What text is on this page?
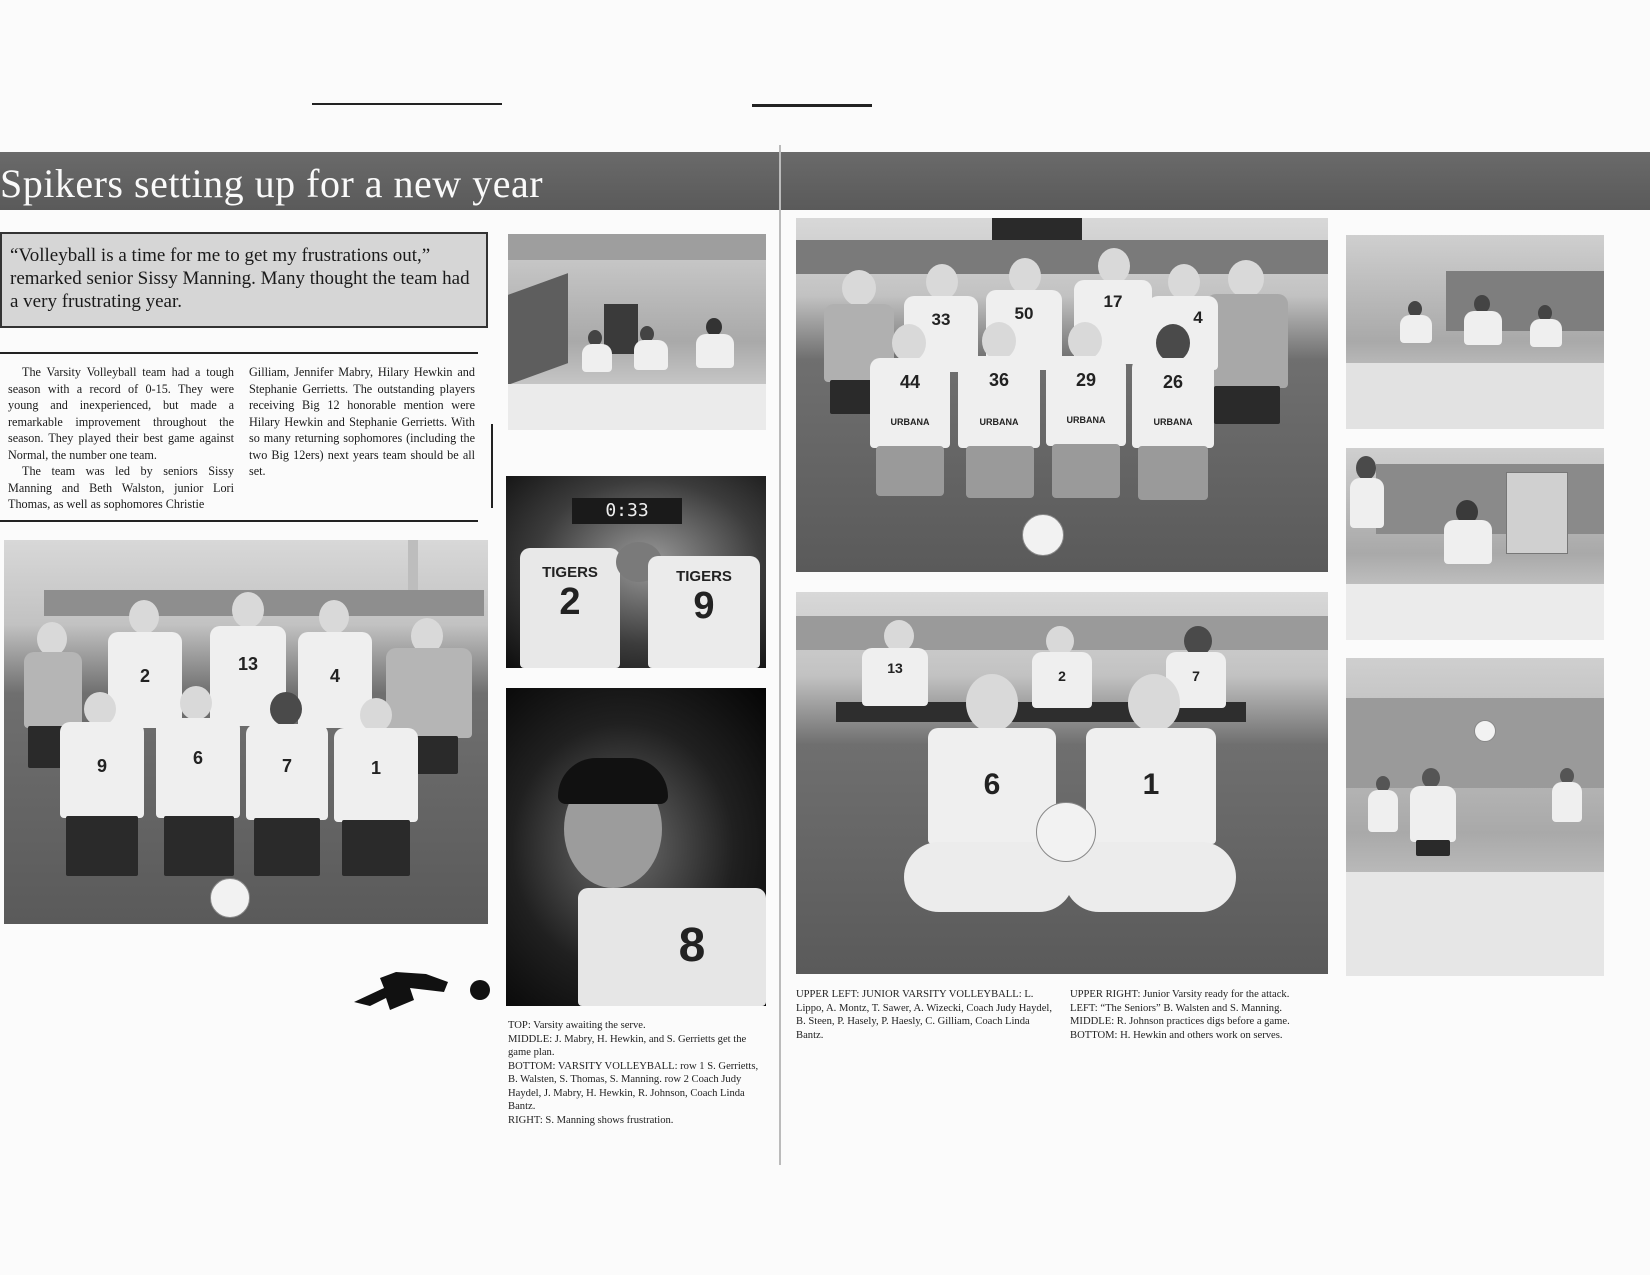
Spikers setting up for a new year
“Volleyball is a time for me to get my frustrations out,” remarked senior Sissy Manning. Many thought the team had a very frustrating year.

The Varsity Volleyball team had a tough season with a record of 0-15. They were young and inexperienced, but made a remarkable improvement throughout the season. They played their best game against Normal, the number one team.

The team was led by seniors Sissy Manning and Beth Walston, junior Lori Thomas, as well as sophomores Christie

Gilliam, Jennifer Mabry, Hilary Hewkin and Stephanie Gerrietts. The outstanding players receiving Big 12 honorable mention were Hilary Hewkin and Stephanie Gerrietts. With so many returning sophomores (including the two Big 12ers) next years team should be all set.

2
13
4
9	6	7	1
0:33
TIGERS
2
TIGERS
9
8
TOP: Varsity awaiting the serve.
MIDDLE: J. Mabry, H. Hewkin, and S. Gerrietts get the game plan.
BOTTOM: VARSITY VOLLEYBALL: row 1 S. Gerrietts, B. Walsten, S. Thomas, S. Manning. row 2 Coach Judy Haydel, J. Mabry, H. Hewkin, R. Johnson, Coach Linda Bantz.
RIGHT: S. Manning shows frustration.
33	50
17
4
44
URBANA
36
URBANA
29
URBANA
26
URBANA
13	2	7
6	1
UPPER LEFT: JUNIOR VARSITY VOLLEYBALL: L. Lippo, A. Montz, T. Sawer, A. Wizecki, Coach Judy Haydel, B. Steen, P. Hasely, P. Haesly, C. Gilliam, Coach Linda Bantz.
UPPER RIGHT: Junior Varsity ready for the attack.
LEFT: “The Seniors” B. Walsten and S. Manning.
MIDDLE: R. Johnson practices digs before a game.
BOTTOM: H. Hewkin and others work on serves.
